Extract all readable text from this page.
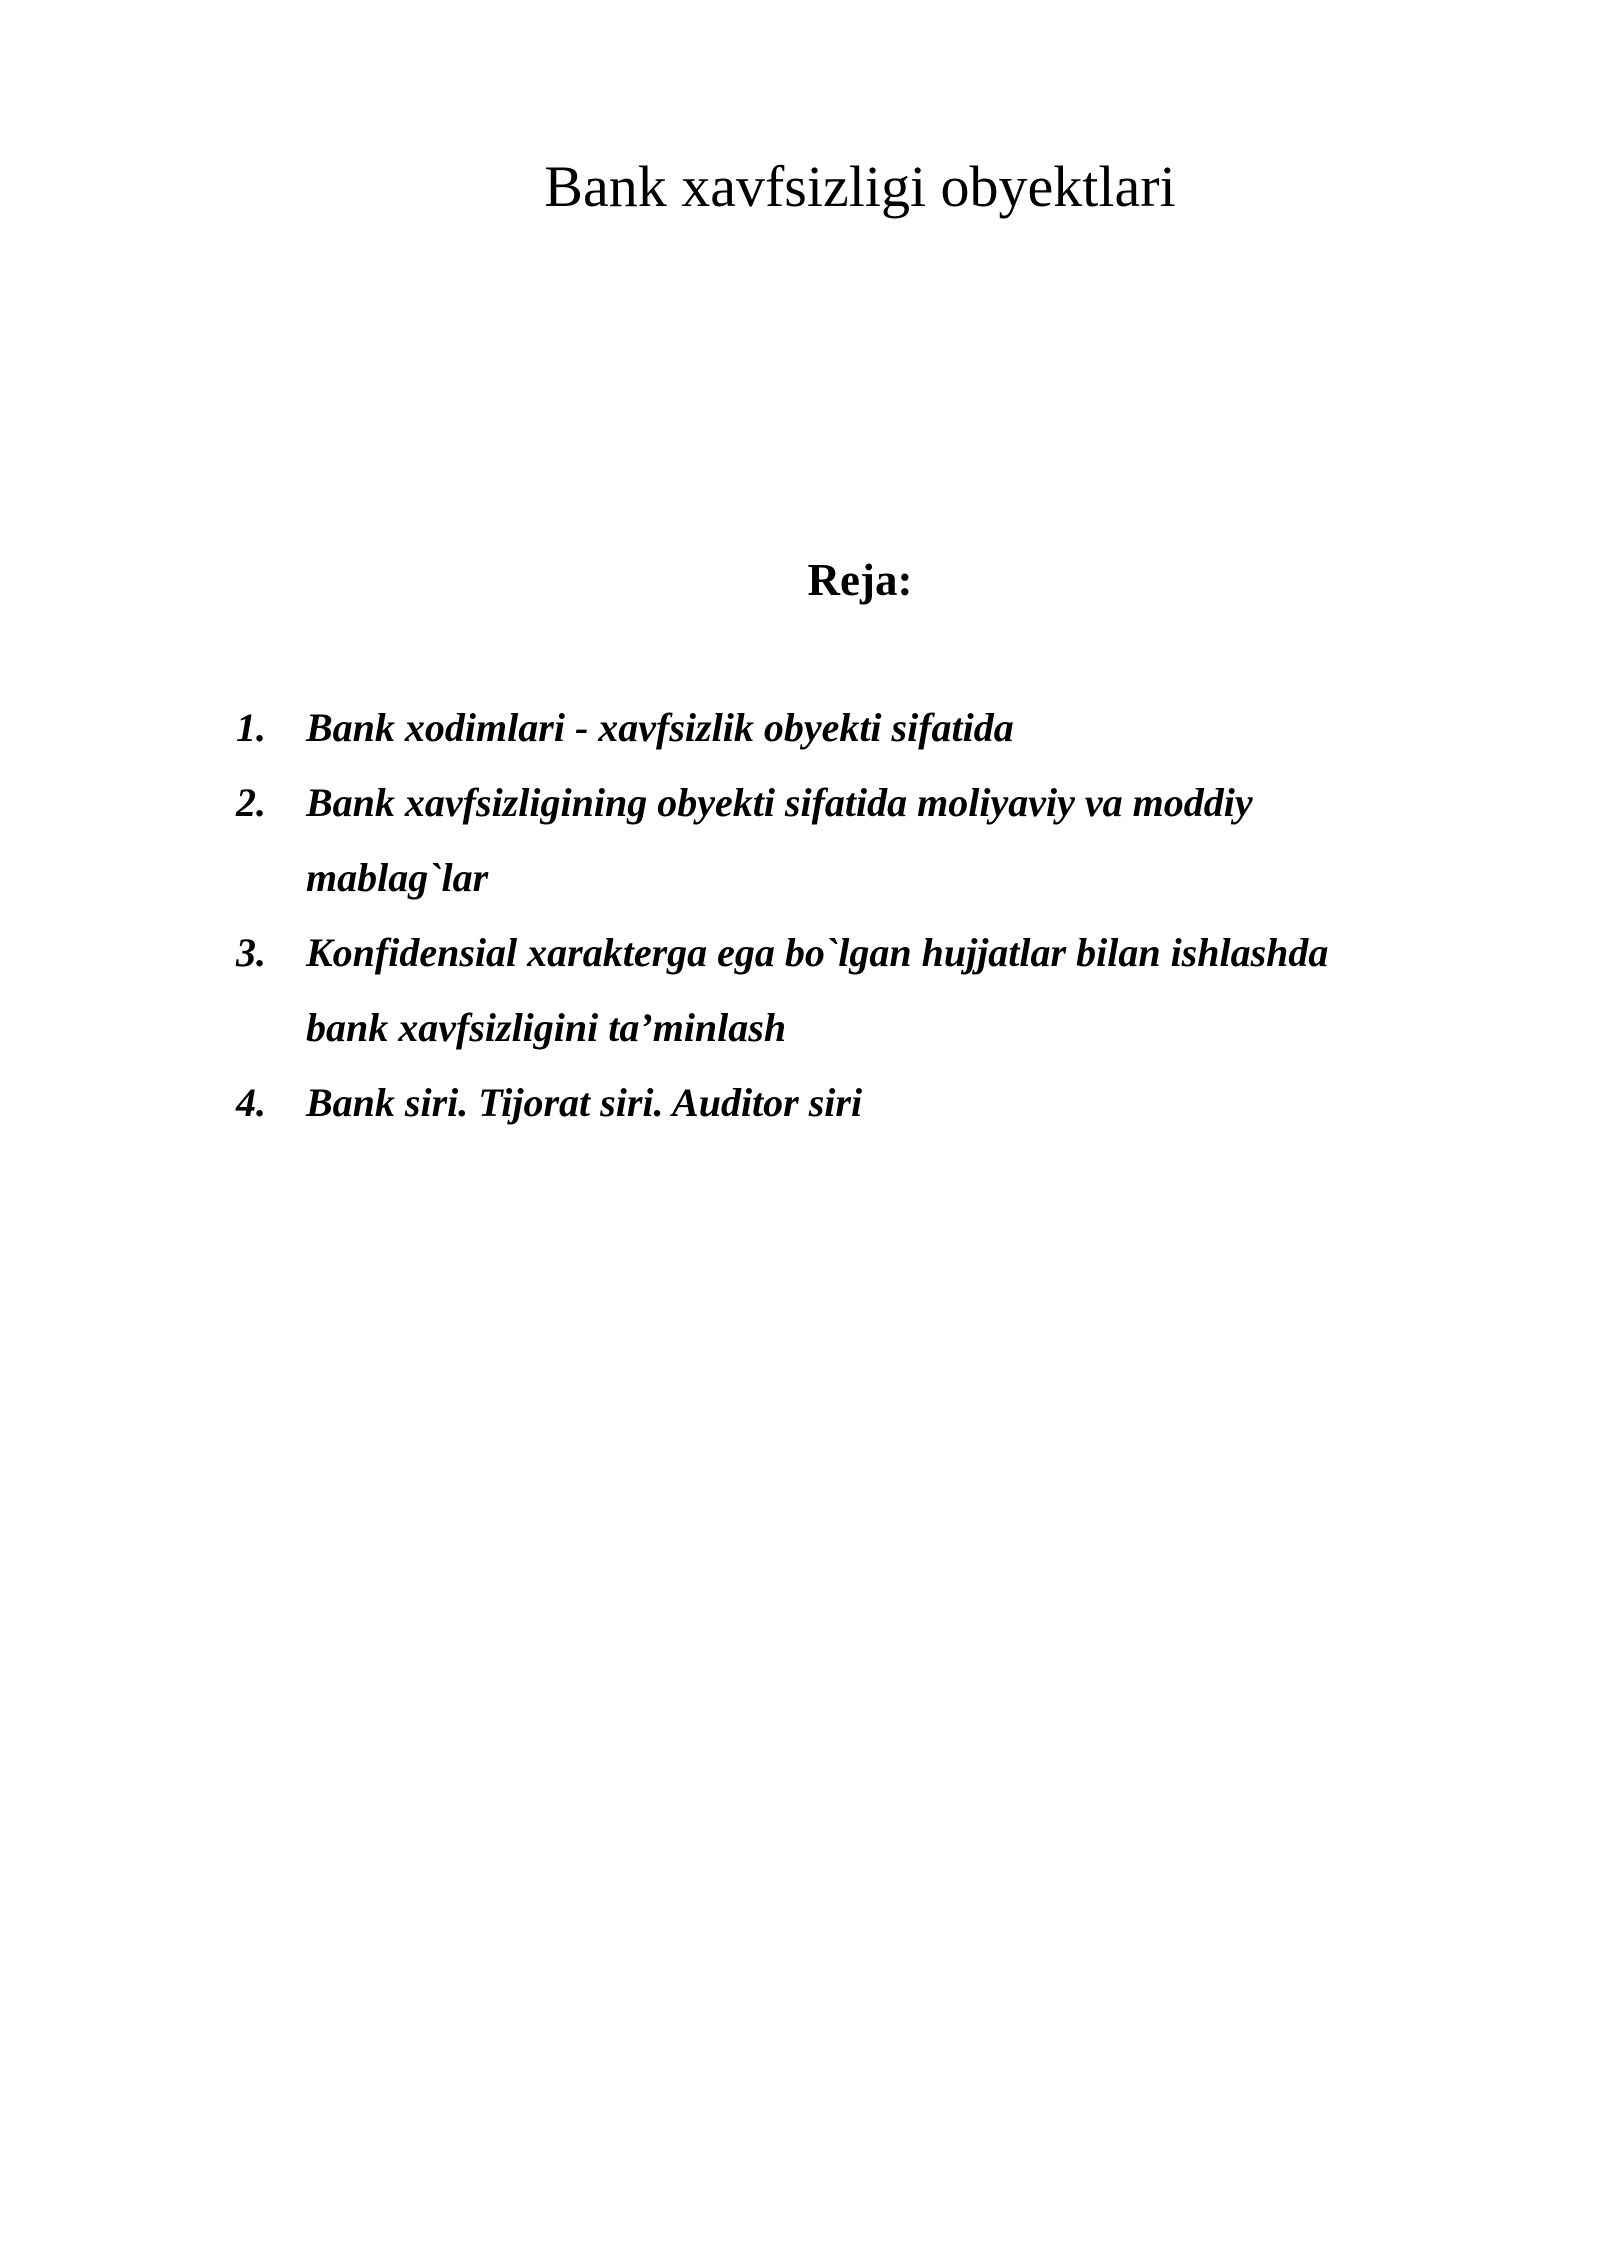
Bank xavfsizligi obyektlari
Reja:
1.	Bank xodimlari - xavfsizlik obyekti sifatida
2.	Bank xavfsizligining obyekti sifatida moliyaviy va moddiy
mablag`lar
3.	Konfidensial xarakterga ega bo`lgan hujjatlar bilan ishlashda
bank xavfsizligini ta’minlash
4.	Bank siri. Tijorat siri. Auditor siri
